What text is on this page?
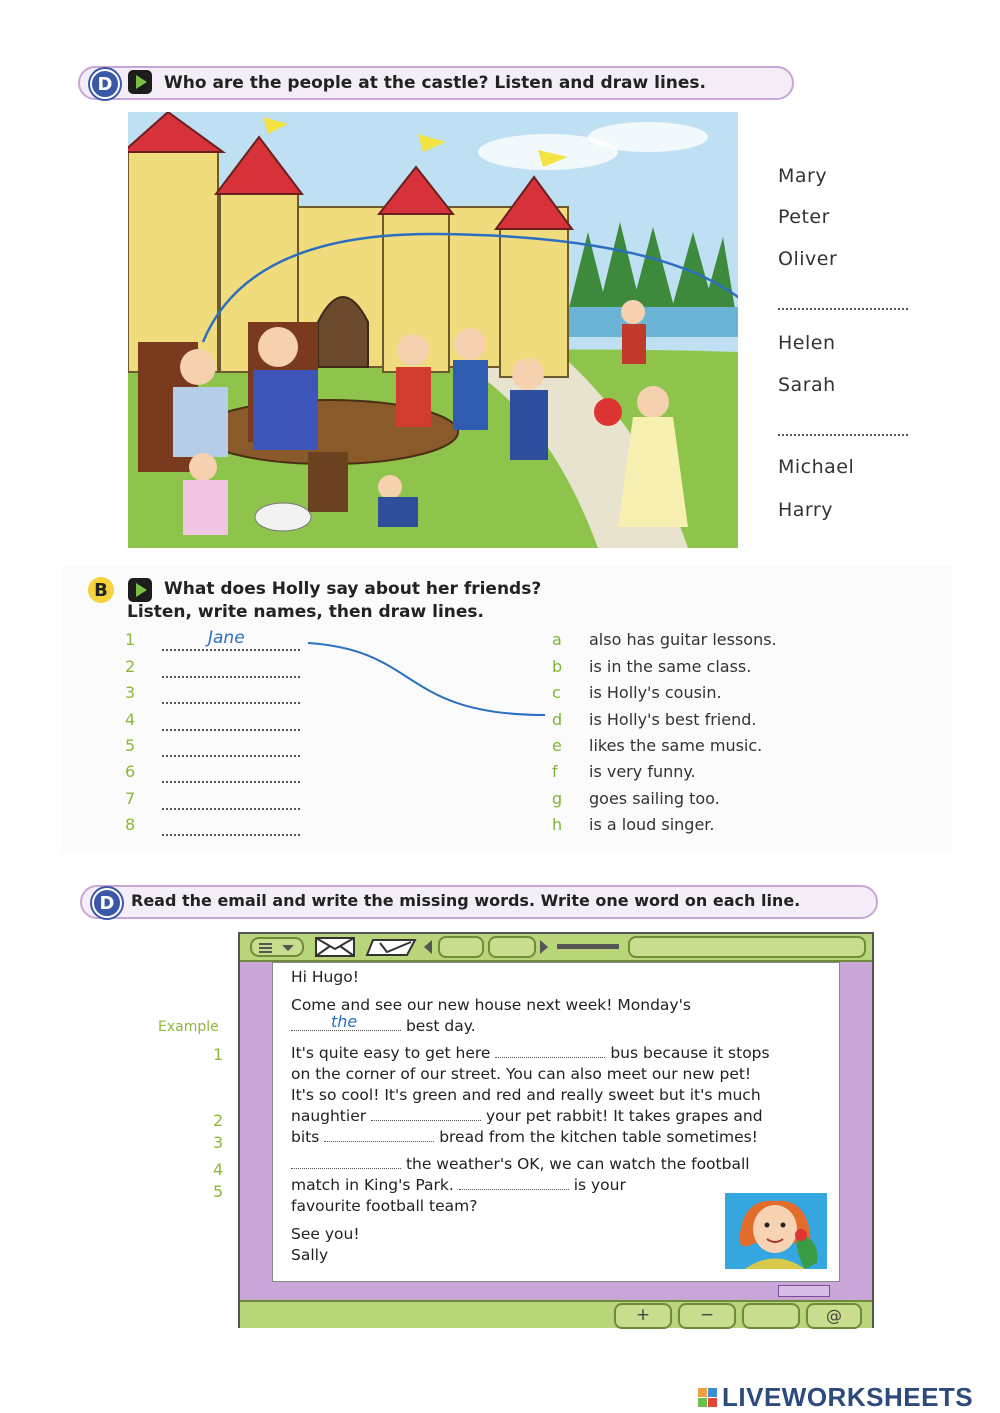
D	Who are the people at the castle? Listen and draw lines.
Mary
Peter
Oliver
Helen
Sarah
Michael
Harry
B	What does Holly say about her friends?
Listen, write names, then draw lines.
1
2
3
4
5
6
7
8
Jane	a also has guitar lessons.
b is in the same class.
c is Holly's cousin.
d is Holly's best friend.
e likes the same music.
f is very funny.
g goes sailing too.
h is a loud singer.
D	Read the email and write the missing words. Write one word on each line.
Example
1
2
3
4
5
Hi Hugo!
Come and see our new house next week! Monday's

the	best day.
It's quite easy to get here	bus because it stops
on the corner of our street. You can also meet our new pet!
It's so cool! It's green and red and really sweet but it's much
naughtier	your pet rabbit! It takes grapes and
bits	bread from the kitchen table sometimes!
the weather's OK, we can watch the football
match in King's Park.	is your
favourite football team?
See you!
Sally
+	−	@
LIVEWORKSHEETS
